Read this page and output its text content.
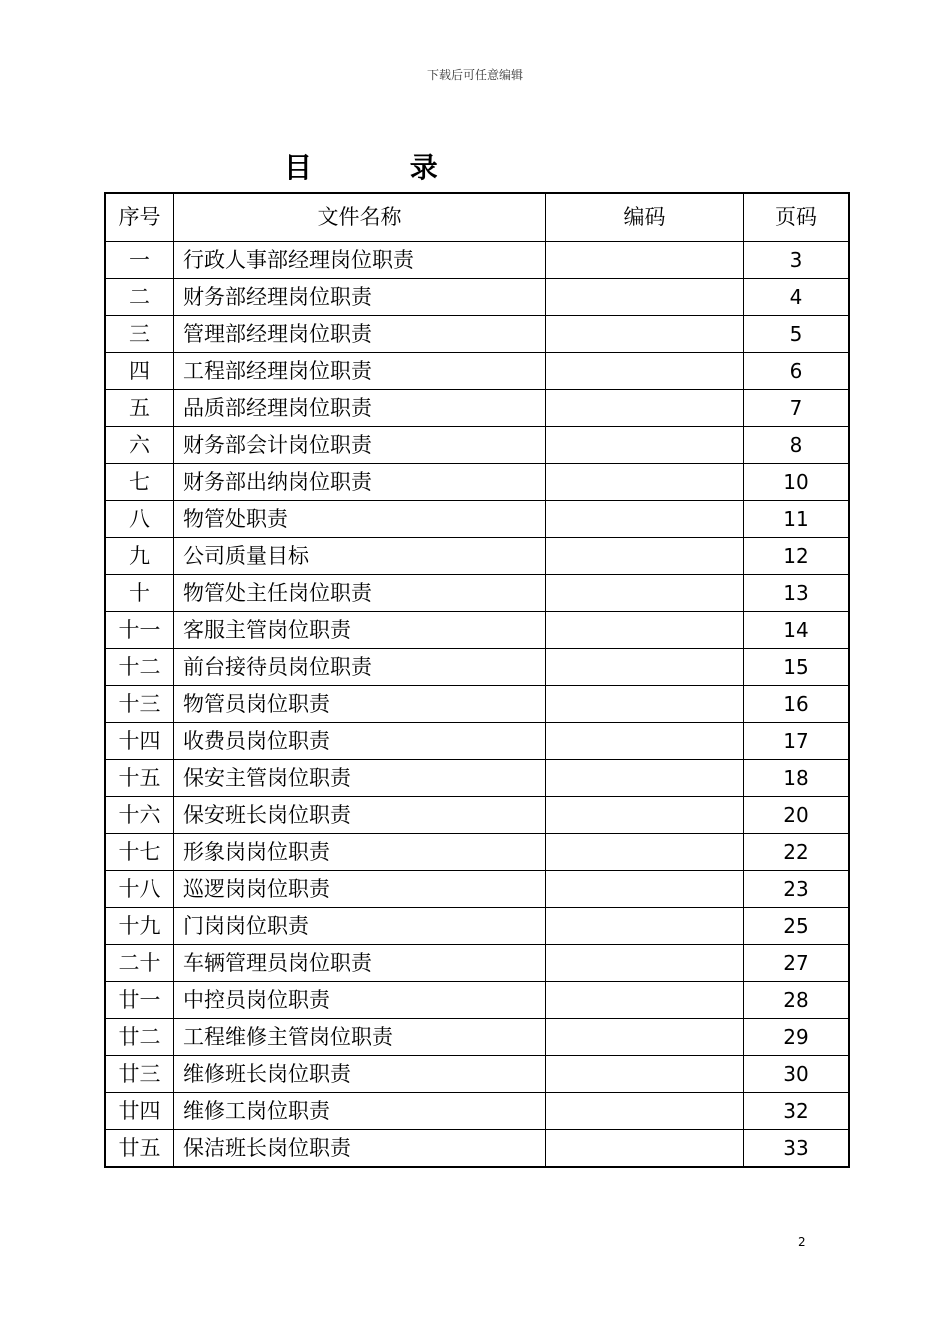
下载后可任意编辑
目 录
序号	文件名称	编码	页码
一	行政人事部经理岗位职责		3
二	财务部经理岗位职责		4
三	管理部经理岗位职责		5
四	工程部经理岗位职责		6
五	品质部经理岗位职责		7
六	财务部会计岗位职责		8
七	财务部出纳岗位职责		10
八	物管处职责		11
九	公司质量目标		12
十	物管处主任岗位职责		13
十一	客服主管岗位职责		14
十二	前台接待员岗位职责		15
十三	物管员岗位职责		16
十四	收费员岗位职责		17
十五	保安主管岗位职责		18
十六	保安班长岗位职责		20
十七	形象岗岗位职责		22
十八	巡逻岗岗位职责		23
十九	门岗岗位职责		25
二十	车辆管理员岗位职责		27
廿一	中控员岗位职责		28
廿二	工程维修主管岗位职责		29
廿三	维修班长岗位职责		30
廿四	维修工岗位职责		32
廿五	保洁班长岗位职责		33
2
